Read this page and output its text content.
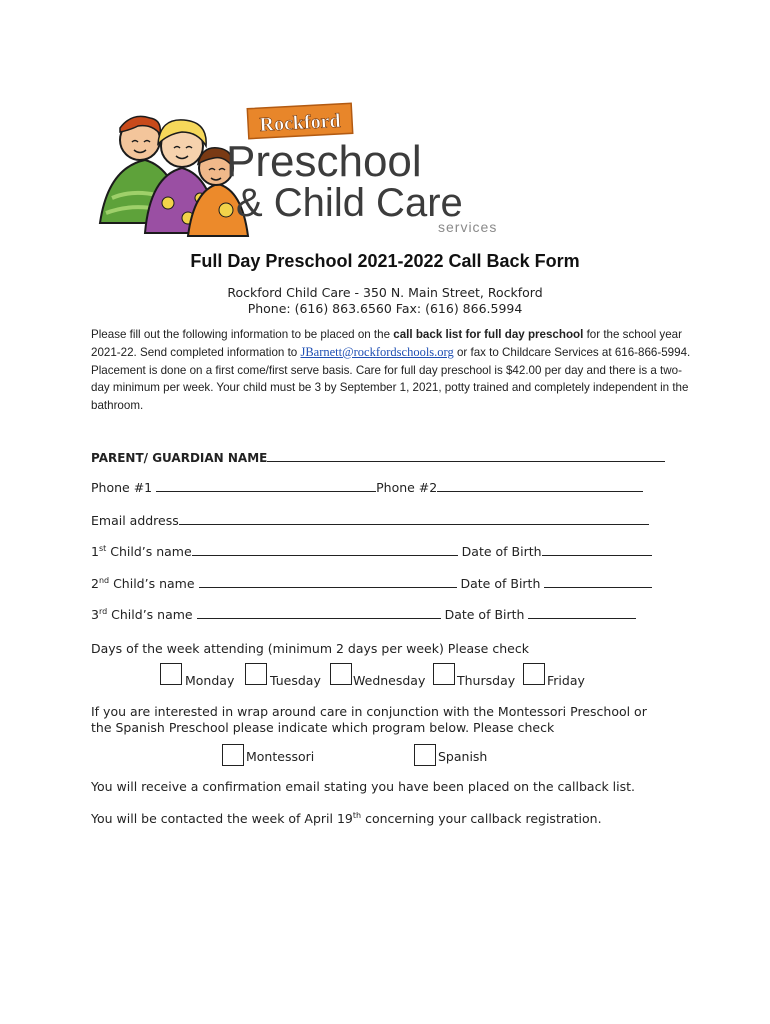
Rockford
Preschool
& Child Care
services
Full Day Preschool 2021-2022 Call Back Form
Rockford Child Care - 350 N. Main Street, Rockford
Phone: (616) 863.6560 Fax: (616) 866.5994
Please fill out the following information to be placed on the call back list for full day preschool for the school year 2021-22. Send completed information to JBarnett@rockfordschools.org or fax to Childcare Services at 616-866-5994. Placement is done on a first come/first serve basis. Care for full day preschool is $42.00 per day and there is a two-day minimum per week. Your child must be 3 by September 1, 2021, potty trained and completely independent in the bathroom.
PARENT/ GUARDIAN NAME
Phone #1	Phone #2
Email address
1st Child’s name	Date of Birth
2nd Child’s name	Date of Birth
3rd Child’s name	Date of Birth
Days of the week attending (minimum 2 days per week) Please check
Monday	Tuesday	Wednesday	Thursday	Friday
If you are interested in wrap around care in conjunction with the Montessori Preschool or
the Spanish Preschool please indicate which program below. Please check
Montessori	Spanish
You will receive a confirmation email stating you have been placed on the callback list.
You will be contacted the week of April 19th concerning your callback registration.
